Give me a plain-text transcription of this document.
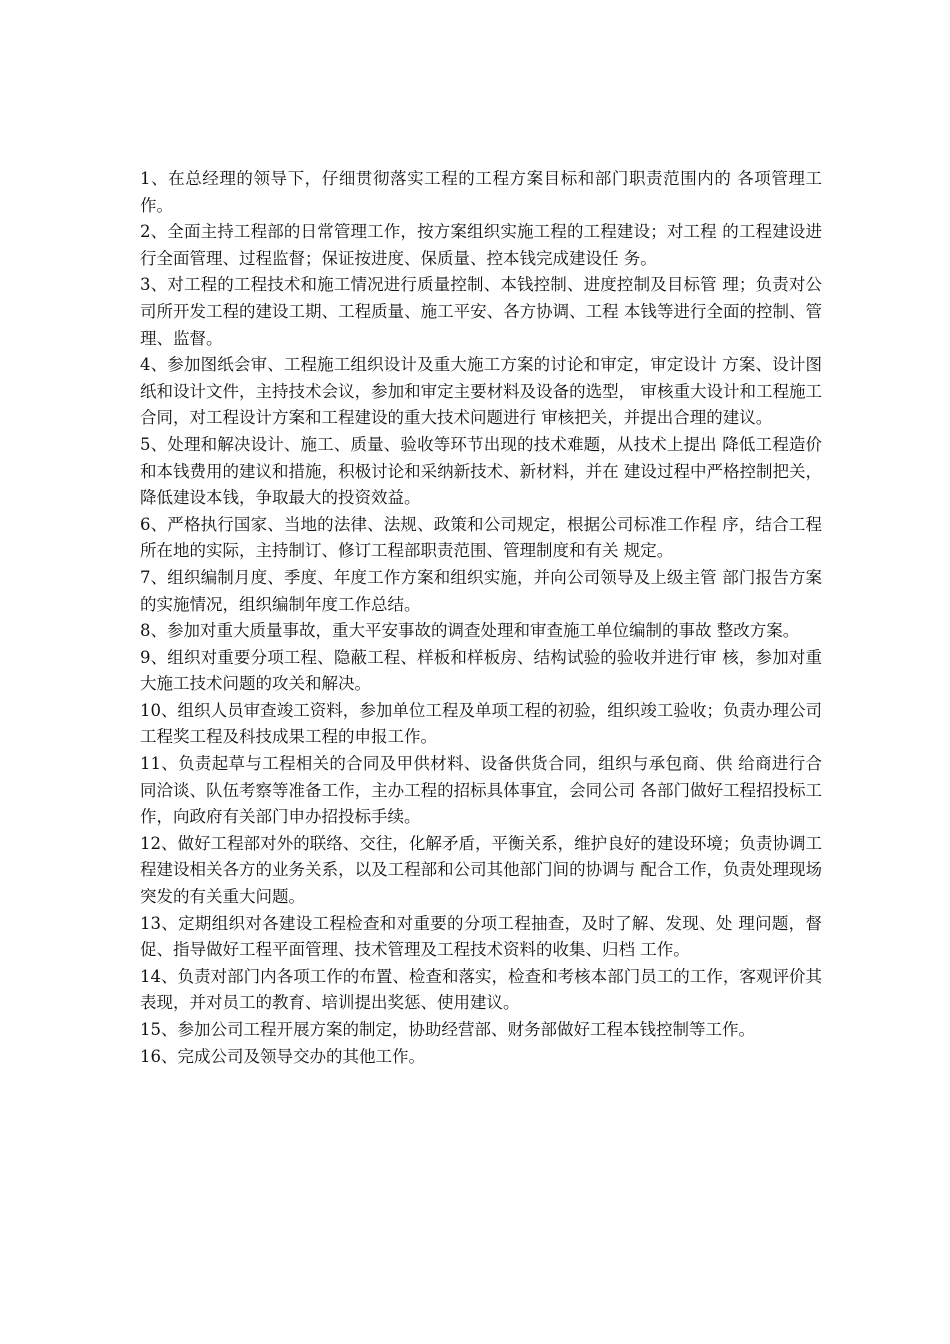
1、在总经理的领导下，仔细贯彻落实工程的工程方案目标和部门职责范围内的 各项管理工作。

2、全面主持工程部的日常管理工作，按方案组织实施工程的工程建设；对工程 的工程建设进行全面管理、过程监督；保证按进度、保质量、控本钱完成建设任 务。

3、对工程的工程技术和施工情况进行质量控制、本钱控制、进度控制及目标管 理；负责对公司所开发工程的建设工期、工程质量、施工平安、各方协调、工程 本钱等进行全面的控制、管理、监督。

4、参加图纸会审、工程施工组织设计及重大施工方案的讨论和审定，审定设计 方案、设计图纸和设计文件，主持技术会议，参加和审定主要材料及设备的选型， 审核重大设计和工程施工合同，对工程设计方案和工程建设的重大技术问题进行 审核把关，并提出合理的建议。

5、处理和解决设计、施工、质量、验收等环节出现的技术难题，从技术上提出 降低工程造价和本钱费用的建议和措施，积极讨论和采纳新技术、新材料，并在 建设过程中严格控制把关，降低建设本钱，争取最大的投资效益。

6、严格执行国家、当地的法律、法规、政策和公司规定，根据公司标准工作程 序，结合工程所在地的实际，主持制订、修订工程部职责范围、管理制度和有关 规定。

7、组织编制月度、季度、年度工作方案和组织实施，并向公司领导及上级主管 部门报告方案的实施情况，组织编制年度工作总结。

8、参加对重大质量事故，重大平安事故的调查处理和审查施工单位编制的事故 整改方案。

9、组织对重要分项工程、隐蔽工程、样板和样板房、结构试验的验收并进行审 核，参加对重大施工技术问题的攻关和解决。

10、组织人员审查竣工资料，参加单位工程及单项工程的初验，组织竣工验收；负责办理公司工程奖工程及科技成果工程的申报工作。

11、负责起草与工程相关的合同及甲供材料、设备供货合同，组织与承包商、供 给商进行合同洽谈、队伍考察等准备工作，主办工程的招标具体事宜，会同公司 各部门做好工程招投标工作，向政府有关部门申办招投标手续。

12、做好工程部对外的联络、交往，化解矛盾，平衡关系，维护良好的建设环境；负责协调工程建设相关各方的业务关系，以及工程部和公司其他部门间的协调与 配合工作，负责处理现场突发的有关重大问题。

13、定期组织对各建设工程检查和对重要的分项工程抽查，及时了解、发现、处 理问题，督促、指导做好工程平面管理、技术管理及工程技术资料的收集、归档 工作。

14、负责对部门内各项工作的布置、检查和落实，检查和考核本部门员工的工作，客观评价其表现，并对员工的教育、培训提出奖惩、使用建议。

15、参加公司工程开展方案的制定，协助经营部、财务部做好工程本钱控制等工作。

16、完成公司及领导交办的其他工作。
